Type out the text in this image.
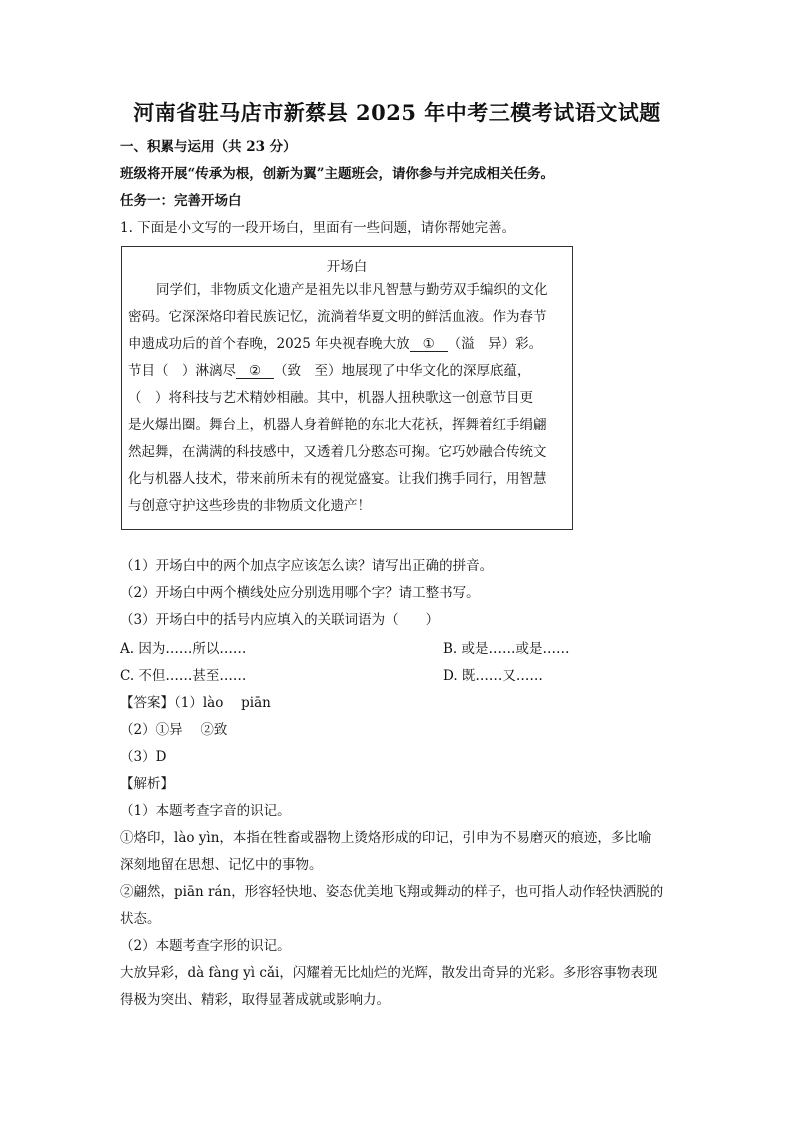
河南省驻马店市新蔡县 2025 年中考三模考试语文试题
一、积累与运用（共 23 分）
班级将开展“传承为根，创新为翼”主题班会，请你参与并完成相关任务。
任务一：完善开场白
1. 下面是小文写的一段开场白，里面有一些问题，请你帮她完善。
开场白
同学们，非物质文化遗产是祖先以非凡智慧与勤劳双手编织的文化
密码。它深深烙印着民族记忆，流淌着华夏文明的鲜活血液。作为春节
申遗成功后的首个春晚，2025 年央视春晚大放 ① （溢　异）彩。
节目（　）淋漓尽 ② （致　至）地展现了中华文化的深厚底蕴，
（　）将科技与艺术精妙相融。其中，机器人扭秧歌这一创意节目更
是火爆出圈。舞台上，机器人身着鲜艳的东北大花袄，挥舞着红手绢翩
然起舞，在满满的科技感中，又透着几分憨态可掬。它巧妙融合传统文
化与机器人技术，带来前所未有的视觉盛宴。让我们携手同行，用智慧
与创意守护这些珍贵的非物质文化遗产！
（1）开场白中的两个加点字应该怎么读？请写出正确的拼音。
（2）开场白中两个横线处应分别选用哪个字？请工整书写。
（3）开场白中的括号内应填入的关联词语为（　　）
A. 因为……所以……	B. 或是……或是……
C. 不但……甚至……	D. 既……又……
【答案】（1）lào　 piān
（2）①异　 ②致
（3）D
【解析】
（1）本题考查字音的识记。
①烙印，lào yìn，本指在牲畜或器物上烫烙形成的印记，引申为不易磨灭的痕迹，多比喻
深刻地留在思想、记忆中的事物。
②翩然，piān rán，形容轻快地、姿态优美地飞翔或舞动的样子，也可指人动作轻快洒脱的
状态。
（2）本题考查字形的识记。
大放异彩，dà fàng yì cǎi，闪耀着无比灿烂的光辉，散发出奇异的光彩。多形容事物表现
得极为突出、精彩，取得显著成就或影响力。
